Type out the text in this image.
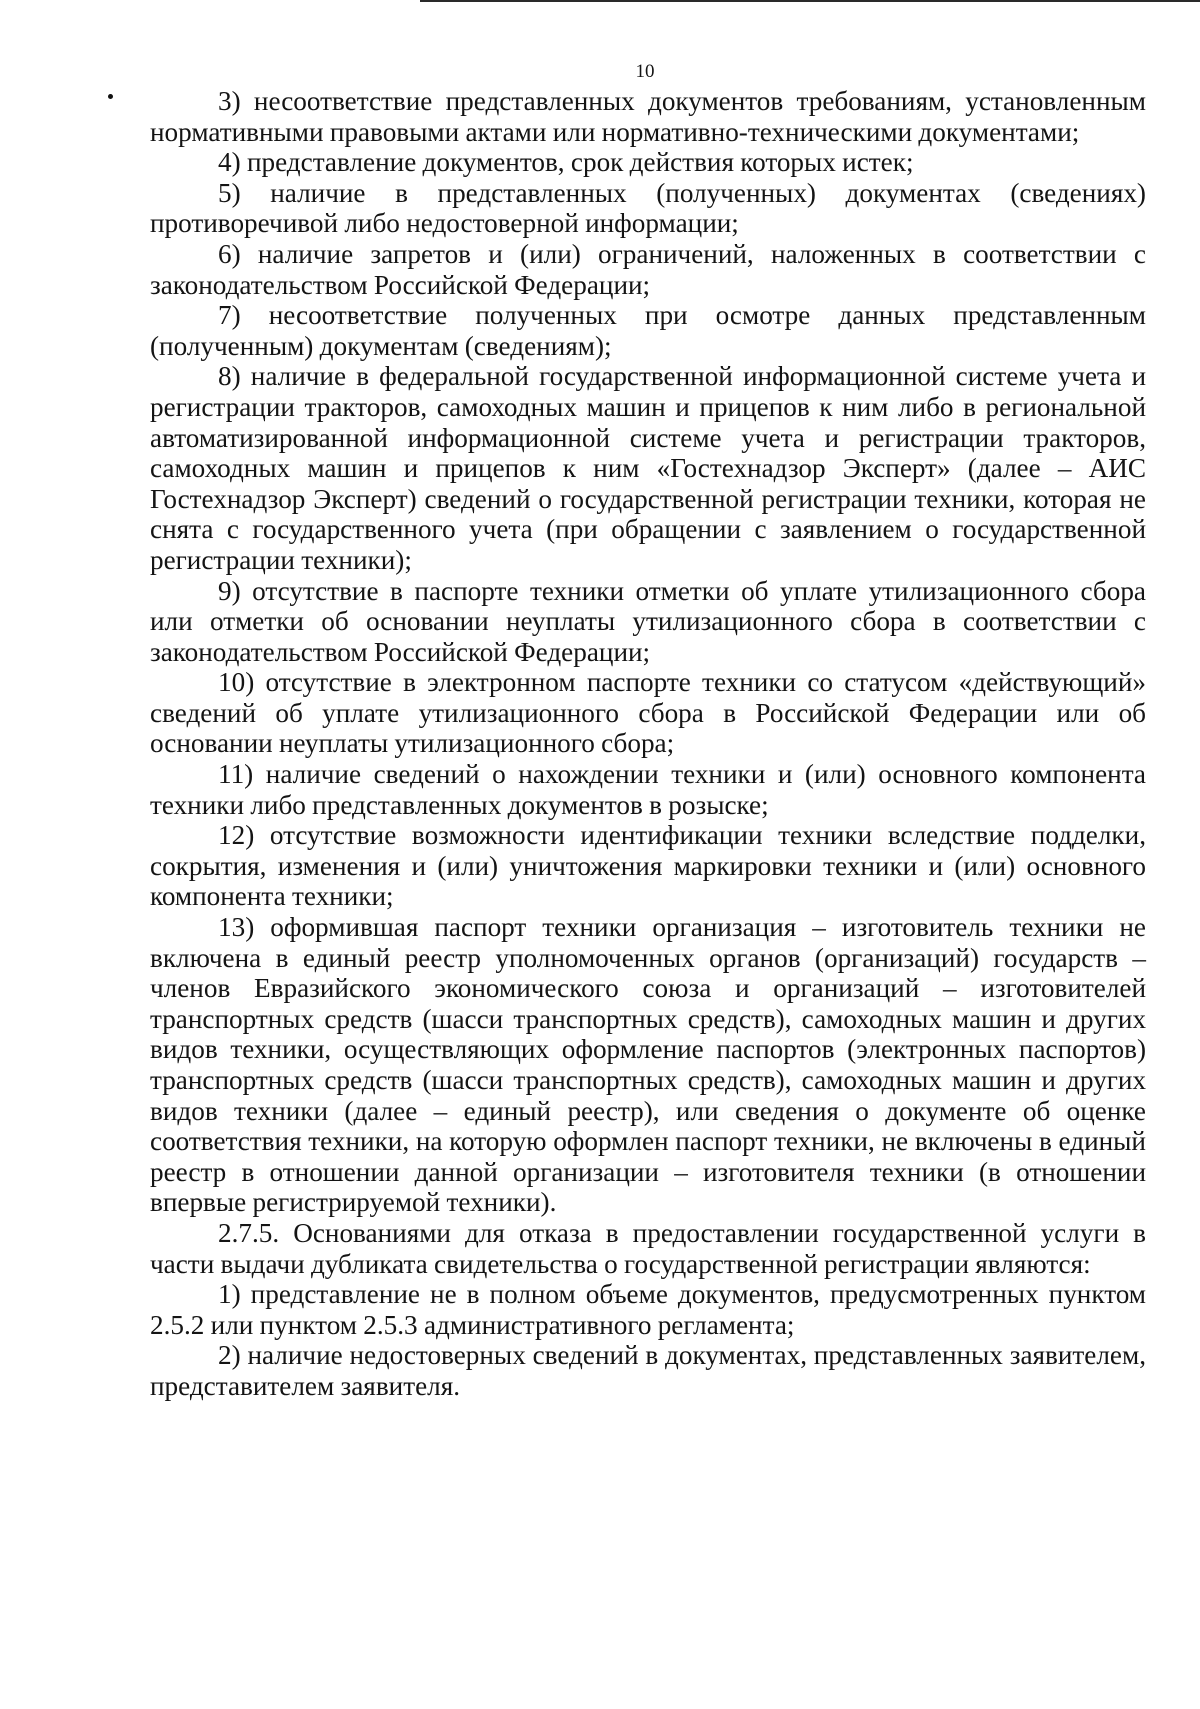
10

3) несоответствие представленных документов требованиям, установленным нормативными правовыми актами или нормативно-техническими документами;

4) представление документов, срок действия которых истек;

5) наличие в представленных (полученных) документах (сведениях) противоречивой либо недостоверной информации;

6) наличие запретов и (или) ограничений, наложенных в соответствии с законодательством Российской Федерации;

7) несоответствие полученных при осмотре данных представленным (полученным) документам (сведениям);

8) наличие в федеральной государственной информационной системе учета и регистрации тракторов, самоходных машин и прицепов к ним либо в региональной автоматизированной информационной системе учета и регистрации тракторов, самоходных машин и прицепов к ним «Гостехнадзор Эксперт» (далее – АИС Гостехнадзор Эксперт) сведений о государственной регистрации техники, которая не снята с государственного учета (при обращении с заявлением о государственной регистрации техники);

9) отсутствие в паспорте техники отметки об уплате утилизационного сбора или отметки об основании неуплаты утилизационного сбора в соответствии с законодательством Российской Федерации;

10) отсутствие в электронном паспорте техники со статусом «действующий» сведений об уплате утилизационного сбора в Российской Федерации или об основании неуплаты утилизационного сбора;

11) наличие сведений о нахождении техники и (или) основного компонента техники либо представленных документов в розыске;

12) отсутствие возможности идентификации техники вследствие подделки, сокрытия, изменения и (или) уничтожения маркировки техники и (или) основного компонента техники;

13) оформившая паспорт техники организация – изготовитель техники не включена в единый реестр уполномоченных органов (организаций) государств – членов Евразийского экономического союза и организаций – изготовителей транспортных средств (шасси транспортных средств), самоходных машин и других видов техники, осуществляющих оформление паспортов (электронных паспортов) транспортных средств (шасси транспортных средств), самоходных машин и других видов техники (далее – единый реестр), или сведения о документе об оценке соответствия техники, на которую оформлен паспорт техники, не включены в единый реестр в отношении данной организации – изготовителя техники (в отношении впервые регистрируемой техники).

2.7.5. Основаниями для отказа в предоставлении государственной услуги в части выдачи дубликата свидетельства о государственной регистрации являются:

1) представление не в полном объеме документов, предусмотренных пунктом 2.5.2 или пунктом 2.5.3 административного регламента;

2) наличие недостоверных сведений в документах, представленных заявителем, представителем заявителя.
